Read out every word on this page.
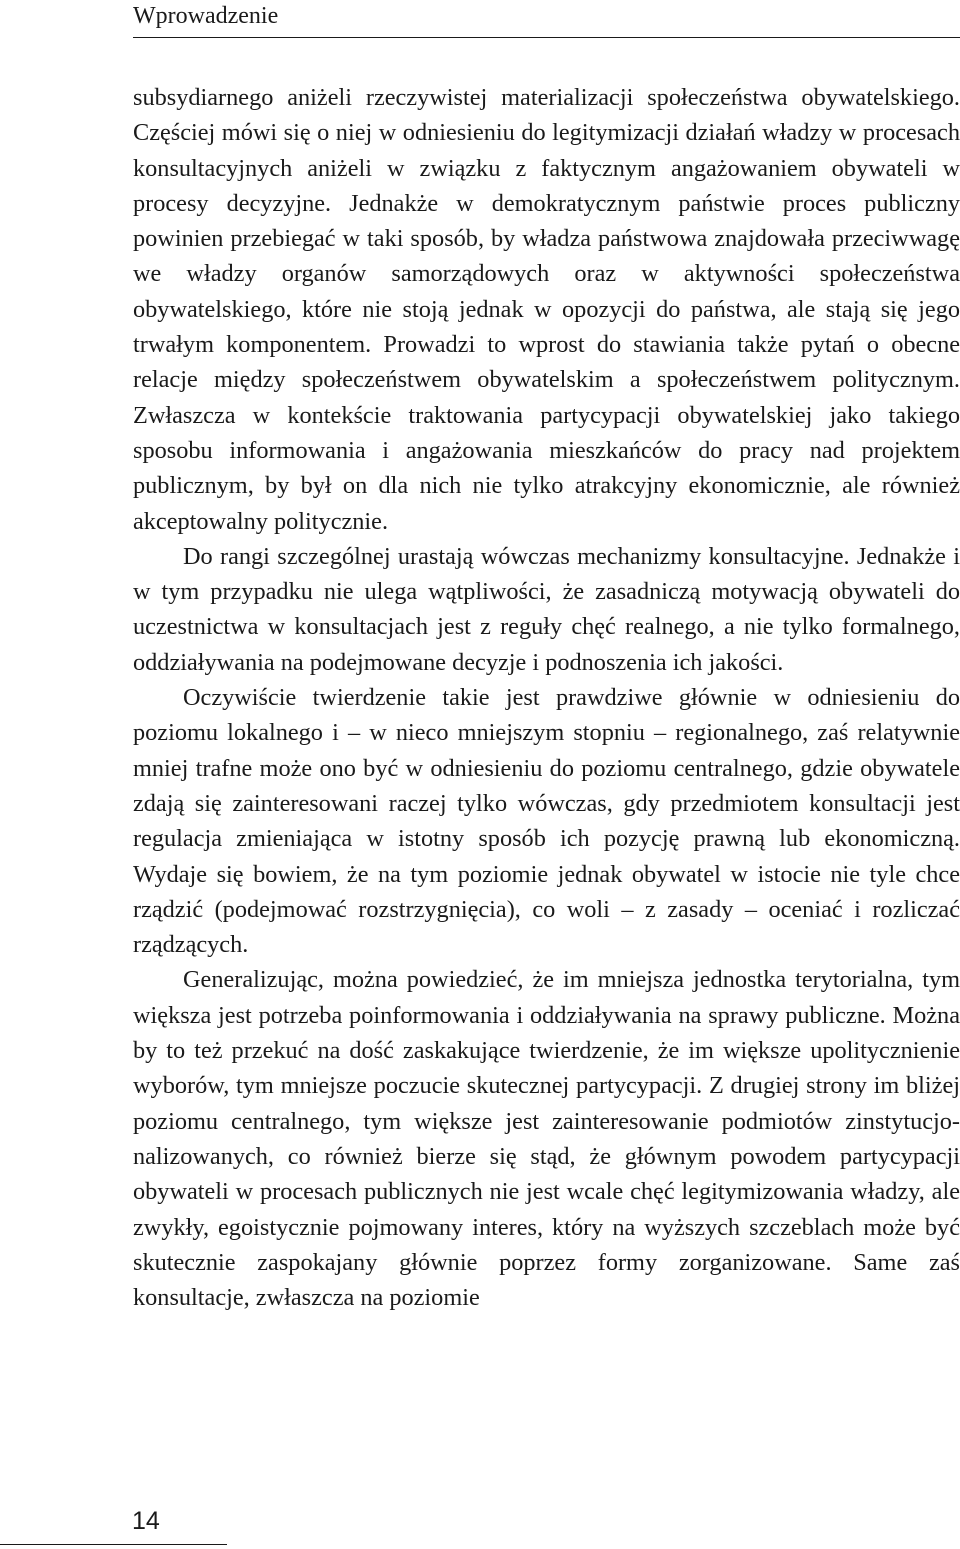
Wprowadzenie

subsydiarnego aniżeli rzeczywistej materializacji społeczeństwa obywatelskiego. Częściej mówi się o niej w odniesieniu do legitymizacji działań władzy w procesach konsultacyjnych aniżeli w związku z faktycznym angażowaniem obywateli w procesy decyzyjne. Jednakże w demokratycznym państwie proces publiczny powinien przebiegać w taki sposób, by władza państwowa znajdowała przeciwwagę we władzy organów samorządowych oraz w aktywności społeczeństwa obywatelskiego, które nie stoją jednak w opozycji do państwa, ale stają się jego trwałym komponentem. Prowadzi to wprost do stawiania także pytań o obecne relacje między społeczeństwem obywatelskim a społeczeństwem politycznym. Zwłaszcza w kontekście traktowania partycypacji obywatelskiej jako takiego sposobu informowania i angażowania mieszkańców do pracy nad projektem publicznym, by był on dla nich nie tylko atrakcyjny ekonomicznie, ale również akceptowalny politycznie.

Do rangi szczególnej urastają wówczas mechanizmy konsultacyjne. Jednakże i w tym przypadku nie ulega wątpliwości, że zasadniczą motywacją obywateli do uczestnictwa w konsultacjach jest z reguły chęć realnego, a nie tylko formalnego, oddziaływania na podejmowane decyzje i podnoszenia ich jakości.

Oczywiście twierdzenie takie jest prawdziwe głównie w odniesieniu do poziomu lokalnego i – w nieco mniejszym stopniu – regionalnego, zaś relatywnie mniej trafne może ono być w odniesieniu do poziomu centralnego, gdzie obywatele zdają się zainteresowani raczej tylko wówczas, gdy przedmiotem konsultacji jest regulacja zmieniająca w istotny sposób ich pozycję prawną lub ekonomiczną. Wydaje się bowiem, że na tym poziomie jednak obywatel w istocie nie tyle chce rządzić (podejmować rozstrzygnięcia), co woli – z zasady – oceniać i rozliczać rządzących.

Generalizując, można powiedzieć, że im mniejsza jednostka terytorialna, tym większa jest potrzeba poinformowania i oddziaływania na sprawy publiczne. Można by to też przekuć na dość zaskakujące twierdzenie, że im większe upolitycznienie wyborów, tym mniejsze poczucie skutecznej partycypacji. Z drugiej strony im bliżej poziomu centralnego, tym większe jest zainteresowanie podmiotów zinstytucjonalizowanych, co również bierze się stąd, że głównym powodem partycypacji obywateli w procesach publicznych nie jest wcale chęć legitymizowania władzy, ale zwykły, egoistycznie pojmowany interes, który na wyższych szczeblach może być skutecznie zaspokajany głównie poprzez formy zorganizowane. Same zaś konsultacje, zwłaszcza na poziomie

14
